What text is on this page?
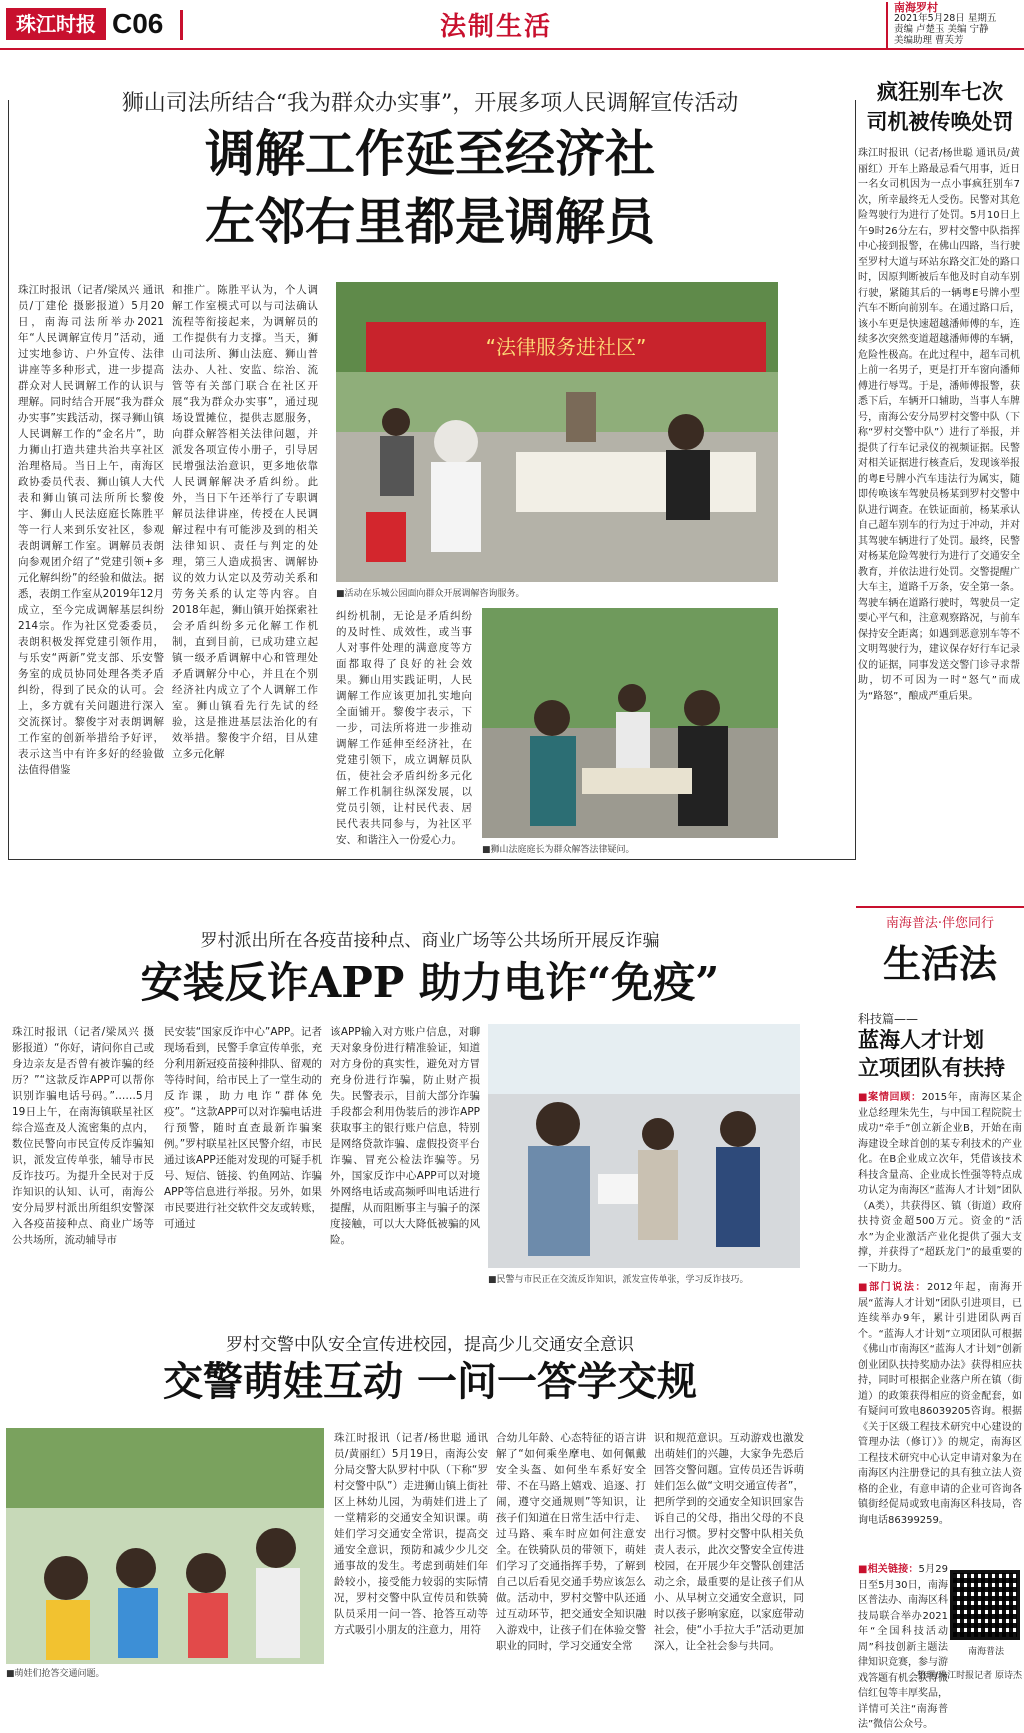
珠江时报 C06	法制生活
南海罗村
2021年5月28日 星期五
责编 卢楚玉 美编 宁静
美编助理 曹芙芳
狮山司法所结合“我为群众办实事”，开展多项人民调解宣传活动
调解工作延至经济社
左邻右里都是调解员
珠江时报讯（记者/梁凤兴 通讯员/丁建伦 摄影报道）5月20日，南海司法所举办2021年“人民调解宣传月”活动，通过实地参访、户外宣传、法律讲座等多种形式，进一步提高群众对人民调解工作的认识与理解。同时结合开展“我为群众办实事”实践活动，探寻狮山镇人民调解工作的“金名片”，助力狮山打造共建共治共享社区治理格局。当日上午，南海区政协委员代表、狮山镇人大代表和狮山镇司法所所长黎俊宇、狮山人民法庭庭长陈胜平等一行人来到乐安社区，参观表朗调解工作室。调解员表朗向参观团介绍了“党建引领+多元化解纠纷”的经验和做法。据悉，表朗工作室从2019年12月成立，至今完成调解基层纠纷214宗。作为社区党委委员，表朗积极发挥党建引领作用，与乐安“两新”党支部、乐安警务室的成员协同处理各类矛盾纠纷，得到了民众的认可。会上，多方就有关问题进行深入交流探讨。黎俊宇对表朗调解工作室的创新举措给予好评，表示这当中有许多好的经验做法值得借鉴
和推广。陈胜平认为，个人调解工作室模式可以与司法确认流程等衔接起来，为调解员的工作提供有力支撑。当天，狮山司法所、狮山法庭、狮山普法办、人社、安监、综治、流管等有关部门联合在社区开展“我为群众办实事”，通过现场设置摊位，提供志愿服务，向群众解答相关法律问题，并派发各项宣传小册子，引导居民增强法治意识，更多地依靠人民调解解决矛盾纠纷。此外，当日下午还举行了专职调解员法律讲座，传授在人民调解过程中有可能涉及到的相关法律知识、责任与判定的处理，第三人造成损害、调解协议的效力认定以及劳动关系和劳务关系的认定等内容。自2018年起，狮山镇开始探索社会矛盾纠纷多元化解工作机制，直到目前，已成功建立起镇一级矛盾调解中心和管理处矛盾调解分中心，并且在个别经济社内成立了个人调解工作室。狮山镇看先行先试的经验，这是推进基层法治化的有效举措。黎俊宇介绍，目从建立多元化解
“法律服务进社区”
■活动在乐城公园面向群众开展调解咨询服务。
纠纷机制，无论是矛盾纠纷的及时性、成效性，或当事人对事件处理的满意度等方面都取得了良好的社会效果。狮山用实践证明，人民调解工作应该更加扎实地向全面铺开。黎俊宇表示，下一步，司法所将进一步推动调解工作延伸至经济社，在党建引领下，成立调解员队伍，使社会矛盾纠纷多元化解工作机制往纵深发展，以党员引领，让村民代表、居民代表共同参与，为社区平安、和谐注入一份爱心力。
■狮山法庭庭长为群众解答法律疑问。
罗村派出所在各疫苗接种点、商业广场等公共场所开展反诈骗
安装反诈APP 助力电诈“免疫”
珠江时报讯（记者/梁凤兴 摄影报道）“你好，请问你自己或身边亲友是否曾有被诈骗的经历？”“这款反诈APP可以帮你识别诈骗电话号码。”……5月19日上午，在南海镇联星社区综合巡查及人流密集的点内，数位民警向市民宣传反诈骗知识，派发宣传单张，辅导市民反诈技巧。为提升全民对于反诈知识的认知、认可，南海公安分局罗村派出所组织安警深入各疫苗接种点、商业广场等公共场所，流动辅导市
民安装“国家反诈中心”APP。记者现场看到，民警手拿宣传单张，充分利用新冠疫苗接种排队、留观的等待时间，给市民上了一堂生动的反诈课，助力电诈“群体免疫”。“这款APP可以对诈骗电话进行预警，随时直查最新诈骗案例。”罗村联星社区民警介绍，市民通过该APP还能对发现的可疑手机号、短信、链接、钓鱼网站、诈骗APP等信息进行举报。另外，如果市民要进行社交软件交友或转账，可通过
该APP输入对方账户信息，对聊天对象身份进行精准验证，知道对方身份的真实性，避免对方冒充身份进行诈骗，防止财产损失。民警表示，目前大部分诈骗手段都会利用伪装后的涉诈APP获取事主的银行账户信息，特别是网络贷款诈骗、虚假投资平台诈骗、冒充公检法诈骗等。另外，国家反诈中心APP可以对境外网络电话或高频呼叫电话进行提醒，从而阻断事主与骗子的深度接触，可以大大降低被骗的风险。
■民警与市民正在交流反诈知识，派发宣传单张，学习反诈技巧。
罗村交警中队安全宣传进校园，提高少儿交通安全意识
交警萌娃互动 一问一答学交规
■萌娃们抢答交通问题。
珠江时报讯（记者/杨世聪 通讯员/黄丽红）5月19日，南海公安分局交警大队罗村中队（下称“罗村交警中队”）走进狮山镇上街社区上林幼儿园，为萌娃们进上了一堂精彩的交通安全知识课。萌娃们学习交通安全常识，提高交通安全意识，预防和减少少儿交通事故的发生。考虑到萌娃们年龄较小，接受能力较弱的实际情况，罗村交警中队宣传员和铁骑队员采用一问一答、抢答互动等方式吸引小朋友的注意力，用符
合幼儿年龄、心态特征的语言讲解了“如何乘坐摩电、如何佩戴安全头盔、如何坐车系好安全带、不在马路上嬉戏、追逐、打闹，遵守交通规则”等知识，让孩子们知道在日常生活中行走、过马路、乘车时应如何注意安全。在铁骑队员的带领下，萌娃们学习了交通指挥手势，了解到自己以后看见交通手势应该怎么做。活动中，罗村交警中队还通过互动环节，把交通安全知识融入游戏中，让孩子们在体验交警职业的同时，学习交通安全常
识和规范意识。互动游戏也激发出萌娃们的兴趣，大家争先恐后回答交警问题。宣传员还告诉萌娃们怎么做“文明交通宣传者”，把所学到的交通安全知识回家告诉自己的父母，指出父母的不良出行习惯。罗村交警中队相关负责人表示，此次交警安全宣传进校园，在开展少年交警队创建活动之余，最重要的是让孩子们从小、从早树立交通安全意识，同时以孩子影响家庭，以家庭带动社会，使“小手拉大手”活动更加深入，让全社会参与共同。
疯狂别车七次
司机被传唤处罚
珠江时报讯（记者/杨世聪 通讯员/黄丽红）开车上路最忌看气用事，近日一名女司机因为一点小事疯狂别车7次，所幸最终无人受伤。民警对其危险驾驶行为进行了处罚。5月10日上午9时26分左右，罗村交警中队指挥中心接到报警，在佛山四路，当行驶至罗村大道与环站东路交汇处的路口时，因原判断被后车他及时自动车别行驶，紧随其后的一辆粤E号牌小型汽车不断向前别车。在通过路口后，该小车更是快速超越潘师傅的车，连续多次突然变道超越潘师傅的车辆，危险性极高。在此过程中，超车司机上前一名男子，更是打开车窗向潘师傅进行辱骂。于是，潘师傅报警，获悉下后，车辆开口辅助，当事人车牌号，南海公安分局罗村交警中队（下称“罗村交警中队”）进行了举报，并提供了行车记录仪的视频证据。民警对相关证据进行核查后，发现该举报的粤E号牌小汽车违法行为属实，随即传唤该车驾驶员杨某到罗村交警中队进行调查。在铁证面前，杨某承认自己超车别车的行为过于冲动，并对其驾驶车辆进行了处罚。最终，民警对杨某危险驾驶行为进行了交通安全教育，并依法进行处罚。交警提醒广大车主，道路千万条，安全第一条。驾驶车辆在道路行驶时，驾驶员一定要心平气和，注意观察路况，与前车保持安全距离；如遇到恶意别车等不文明驾驶行为，建议保存好行车记录仪的证据，同事发送交警门诊寻求帮助，切不可因为一时“怒气”而成为“路怒”，酿成严重后果。
南海普法·伴您同行
生活法
科技篇——
蓝海人才计划
立项团队有扶持
■案情回顾：2015年，南海区某企业总经理朱先生，与中国工程院院士成功“牵手”创立新企业B，开始在南海建设全球首创的某专利技术的产业化。在B企业成立次年，凭借该技术科技含量高、企业成长性强等特点成功认定为南海区“蓝海人才计划”团队（A类），共获得区、镇（街道）政府扶持资金超500万元。资金的“活水”为企业激活产业化提供了强大支撑，并获得了“超跃龙门”的最重要的一下助力。
■部门说法：2012年起，南海开展“蓝海人才计划”团队引进项目，已连续举办9年，累计引进团队两百个。“蓝海人才计划”立项团队可根据《佛山市南海区“蓝海人才计划”创新创业团队扶持奖励办法》获得相应扶持，同时可根据企业落户所在镇（街道）的政策获得相应的资金配套，如有疑问可致电86039205咨询。根据《关于区级工程技术研究中心建设的管理办法（修订）》的规定，南海区工程技术研究中心认定申请对象为在南海区内注册登记的具有独立法人资格的企业，有意申请的企业可咨询各镇街经促局或致电南海区科技局，咨询电话86399259。
■相关链接：5月29日至5月30日，南海区普法办、南海区科技局联合举办2021年“全国科技活动周”科技创新主题法律知识竞赛，参与游戏答题有机会获得微信红包等丰厚奖品，详情可关注“南海普法”微信公众号。
南海普法
整理/珠江时报记者 原诗杰
